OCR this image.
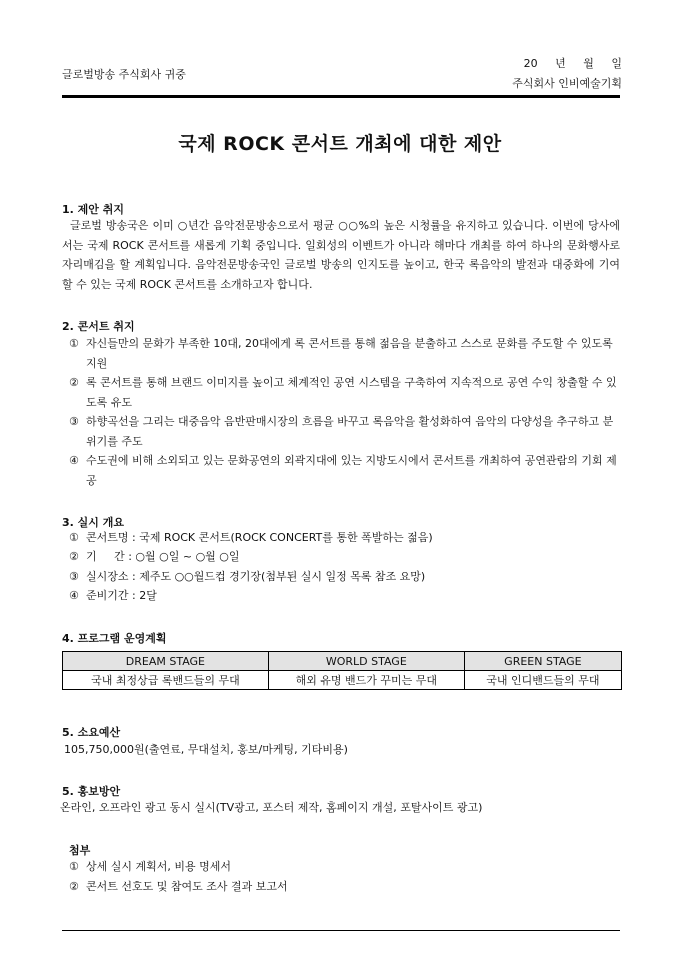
글로벌방송 주식회사 귀중
20 년 월 일
주식회사 인비예술기획
국제 ROCK 콘서트 개최에 대한 제안
1. 제안 취지
글로벌 방송국은 이미 ○년간 음악전문방송으로서 평균 ○○%의 높은 시청률을 유지하고 있습니다. 이번에 당사에서는 국제 ROCK 콘서트를 새롭게 기획 중입니다. 일회성의 이벤트가 아니라 해마다 개최를 하여 하나의 문화행사로 자리매김을 할 계획입니다. 음악전문방송국인 글로벌 방송의 인지도를 높이고, 한국 록음악의 발전과 대중화에 기여할 수 있는 국제 ROCK 콘서트를 소개하고자 합니다.
2. 콘서트 취지
① 자신들만의 문화가 부족한 10대, 20대에게 록 콘서트를 통해 젊음을 분출하고 스스로 문화를 주도할 수 있도록 지원
② 록 콘서트를 통해 브랜드 이미지를 높이고 체계적인 공연 시스템을 구축하여 지속적으로 공연 수익 창출할 수 있도록 유도
③ 하향곡선을 그리는 대중음악 음반판매시장의 흐름을 바꾸고 록음악을 활성화하여 음악의 다양성을 추구하고 분위기를 주도
④ 수도권에 비해 소외되고 있는 문화공연의 외곽지대에 있는 지방도시에서 콘서트를 개최하여 공연관람의 기회 제공
3. 실시 개요
① 콘서트명 : 국제 ROCK 콘서트(ROCK CONCERT를 통한 폭발하는 젊음)
② 기     간 : ○월 ○일 ~ ○월 ○일
③ 실시장소 : 제주도 ○○월드컵 경기장(첨부된 실시 일정 목록 참조 요망)
④ 준비기간 : 2달
4. 프로그램 운영계획
DREAM STAGE	WORLD STAGE	GREEN STAGE
국내 최정상급 록밴드들의 무대	해외 유명 밴드가 꾸미는 무대	국내 인디밴드들의 무대
5. 소요예산
105,750,000원(출연료, 무대설치, 홍보/마케팅, 기타비용)
5. 홍보방안
온라인, 오프라인 광고 동시 실시(TV광고, 포스터 제작, 홈페이지 개설, 포탈사이트 광고)
첨부
① 상세 실시 계획서, 비용 명세서
② 콘서트 선호도 및 참여도 조사 결과 보고서
